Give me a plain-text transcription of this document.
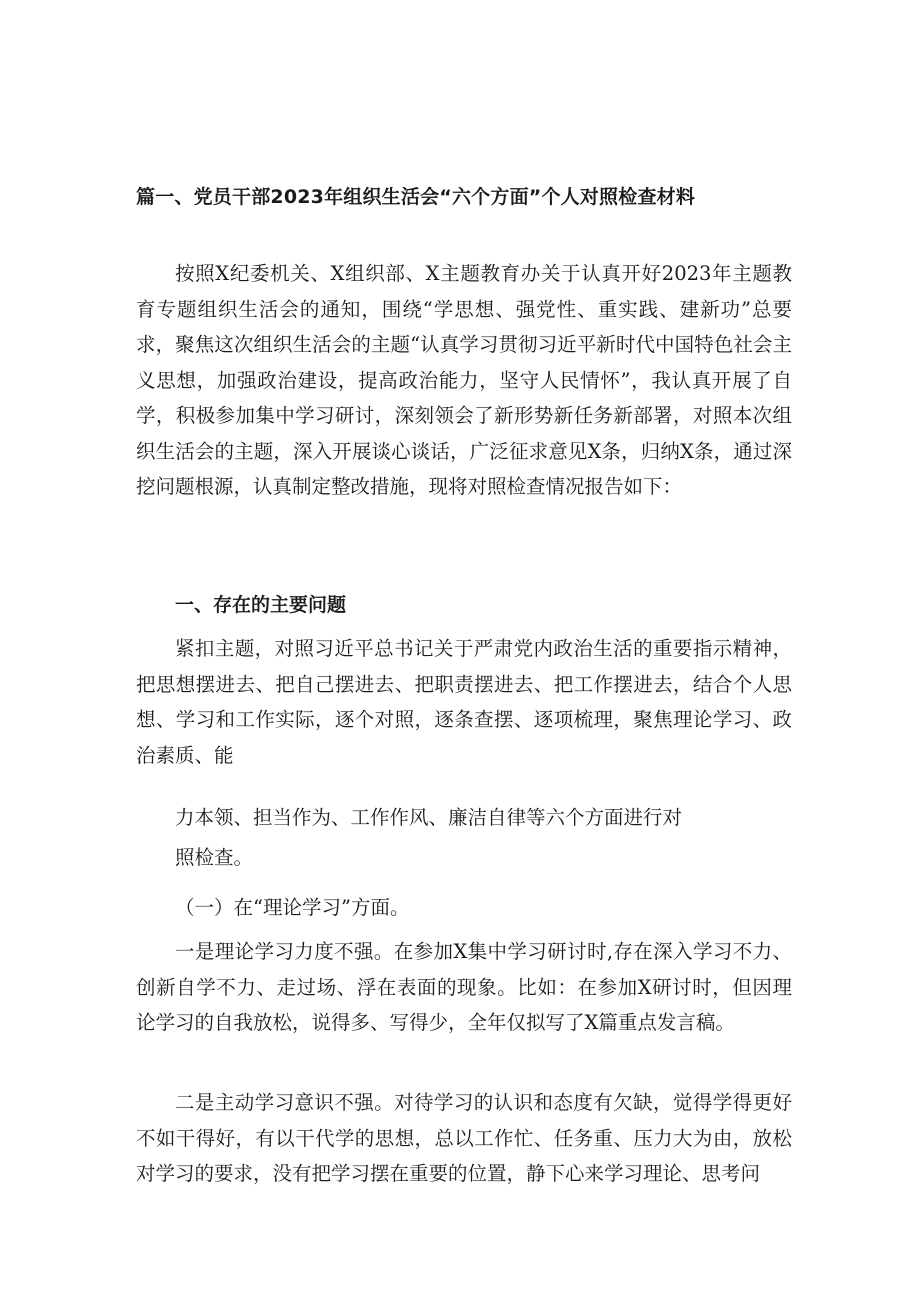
篇一、党员干部2023年组织生活会“六个方面”个人对照检查材料

按照X纪委机关、X组织部、X主题教育办关于认真开好2023年主题教育专题组织生活会的通知，围绕“学思想、强党性、重实践、建新功”总要求，聚焦这次组织生活会的主题“认真学习贯彻习近平新时代中国特色社会主义思想，加强政治建设，提高政治能力，坚守人民情怀”，我认真开展了自学，积极参加集中学习研讨，深刻领会了新形势新任务新部署，对照本次组织生活会的主题，深入开展谈心谈话，广泛征求意见X条，归纳X条，通过深挖问题根源，认真制定整改措施，现将对照检查情况报告如下：

一、存在的主要问题

紧扣主题，对照习近平总书记关于严肃党内政治生活的重要指示精神，把思想摆进去、把自己摆进去、把职责摆进去、把工作摆进去，结合个人思想、学习和工作实际，逐个对照，逐条查摆、逐项梳理，聚焦理论学习、政治素质、能

力本领、担当作为、工作作风、廉洁自律等六个方面进行对
照检查。
（一）在“理论学习”方面。

一是理论学习力度不强。在参加X集中学习研讨时,存在深入学习不力、创新自学不力、走过场、浮在表面的现象。比如：在参加X研讨时，但因理论学习的自我放松，说得多、写得少，全年仅拟写了X篇重点发言稿。

二是主动学习意识不强。对待学习的认识和态度有欠缺，觉得学得更好不如干得好，有以干代学的思想，总以工作忙、任务重、压力大为由，放松对学习的要求，没有把学习摆在重要的位置，静下心来学习理论、思考问
